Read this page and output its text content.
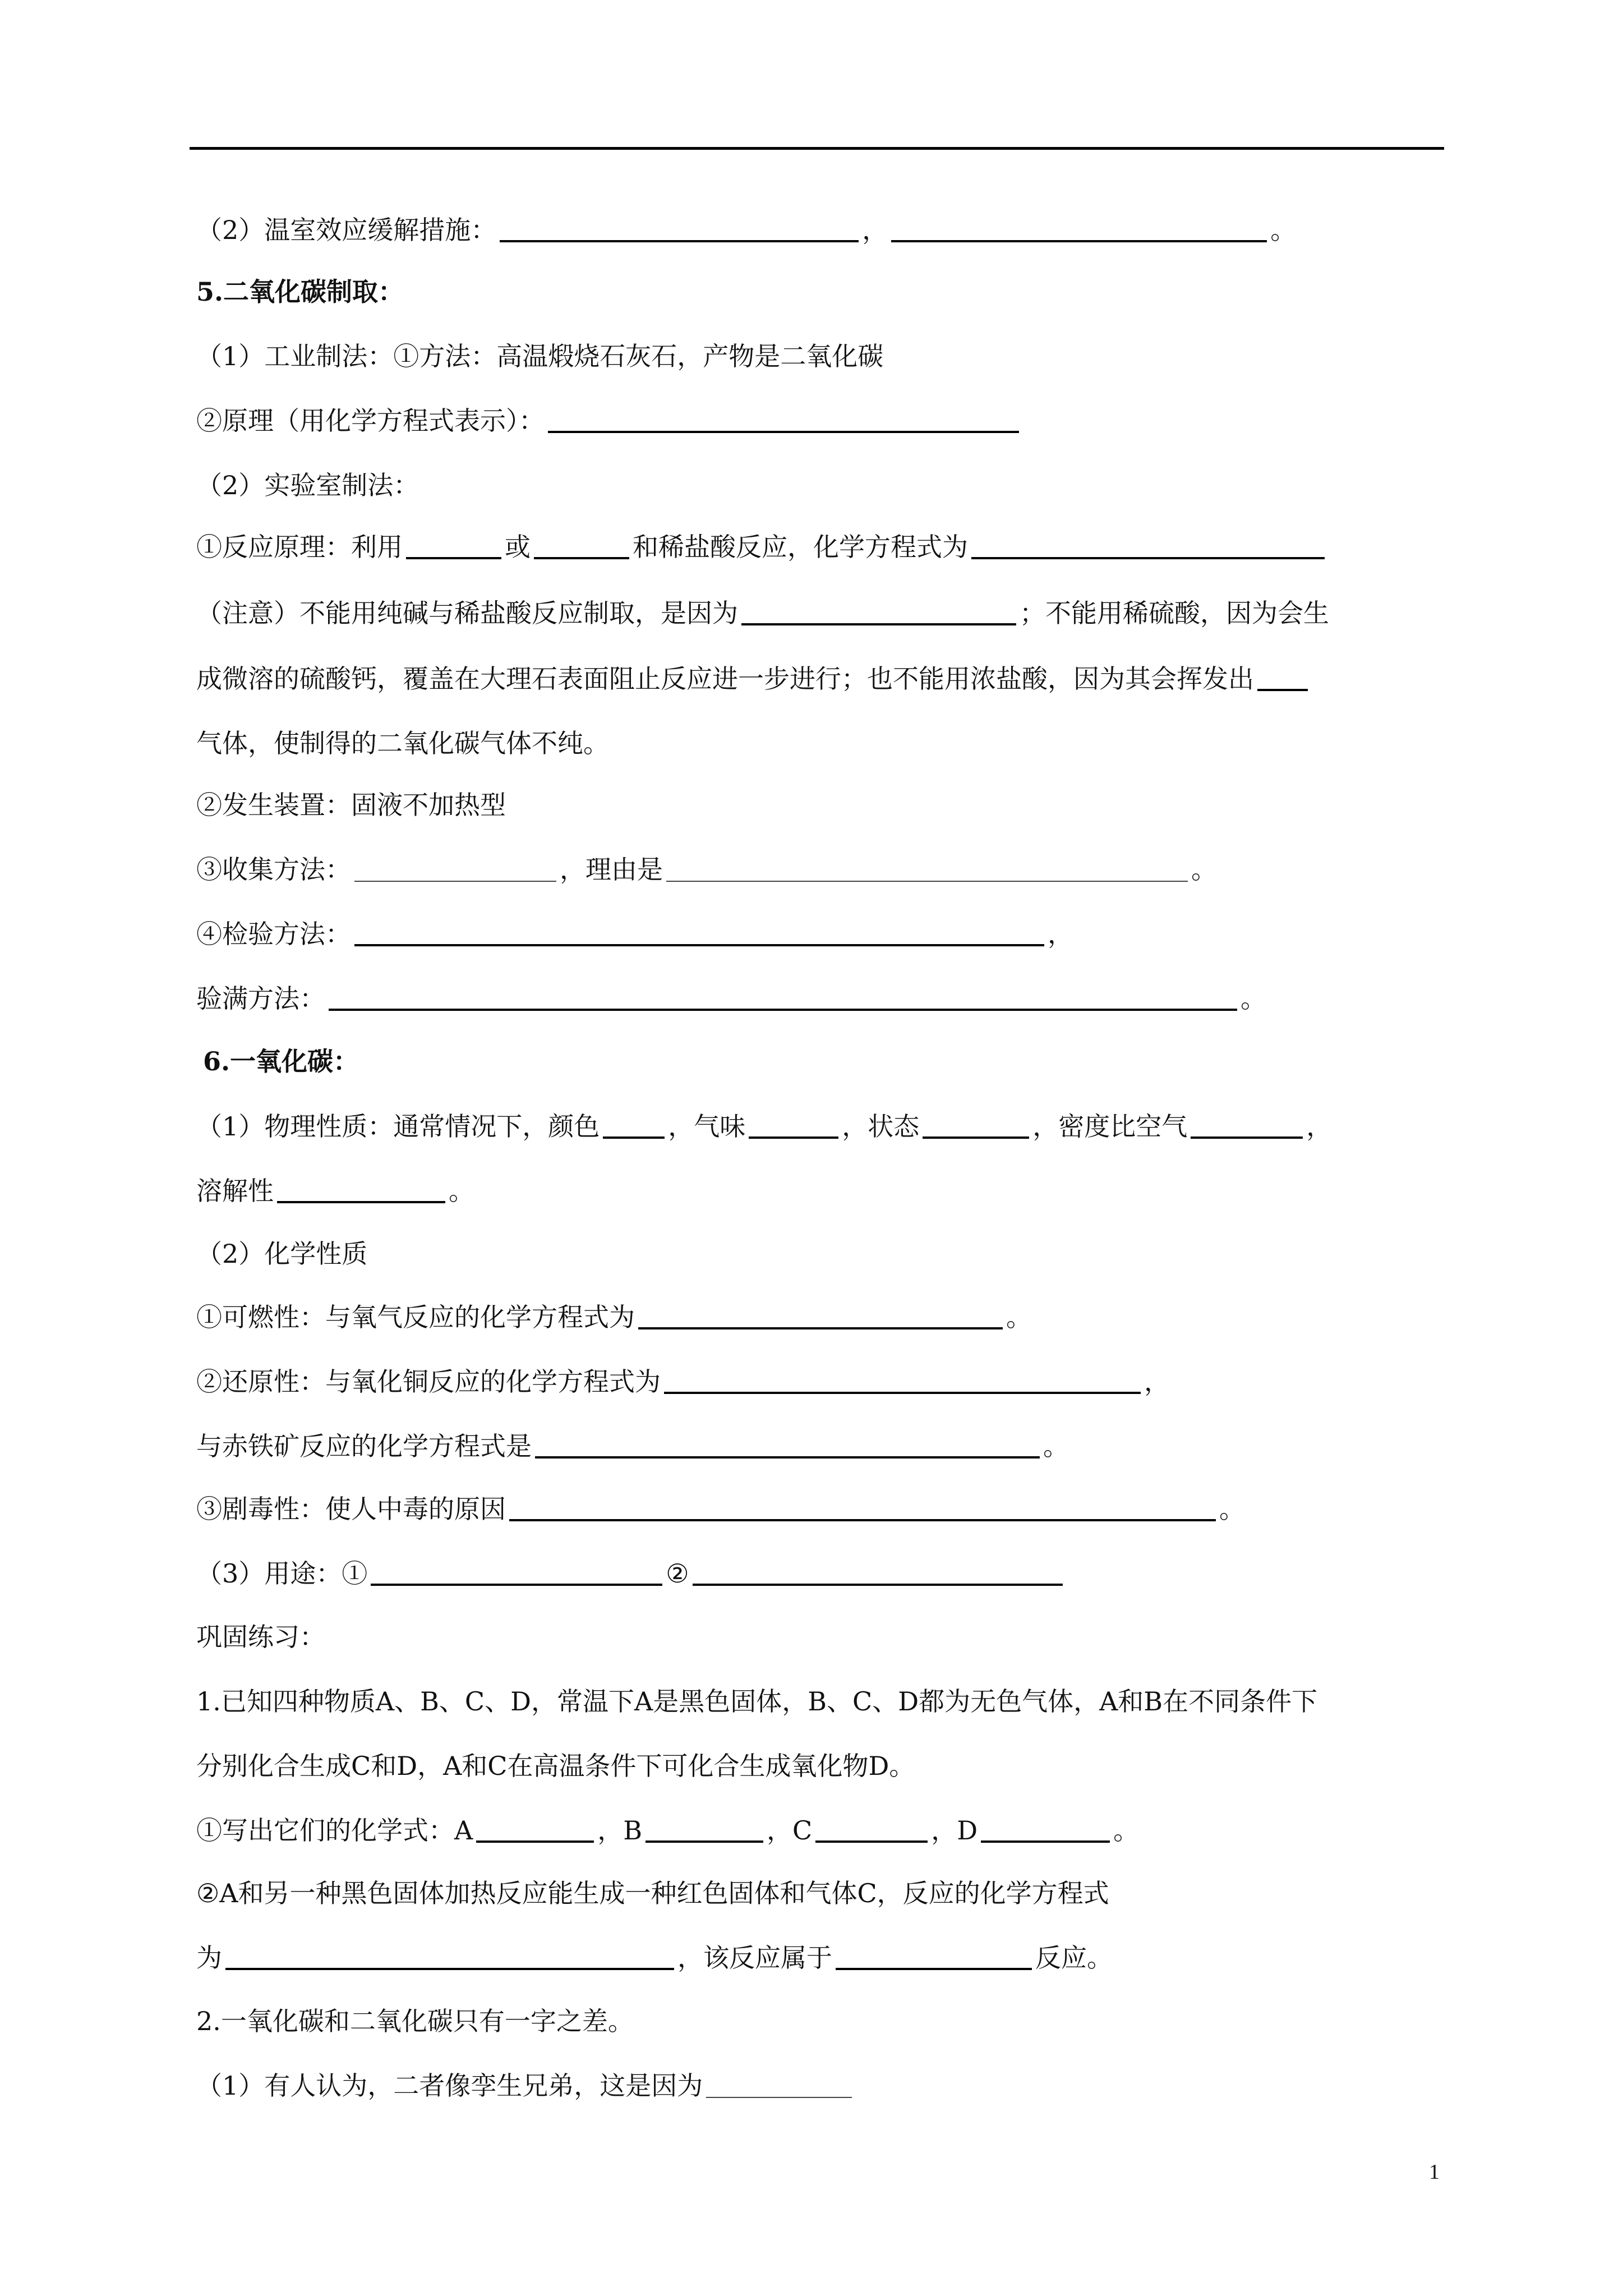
（2）温室效应缓解措施：	，	。
5.二氧化碳制取：
（1）工业制法：①方法：高温煅烧石灰石，产物是二氧化碳
②原理（用化学方程式表示）：
（2）实验室制法：
①反应原理：利用	或	和稀盐酸反应，化学方程式为
（注意）不能用纯碱与稀盐酸反应制取，是因为	；不能用稀硫酸，因为会生
成微溶的硫酸钙，覆盖在大理石表面阻止反应进一步进行；也不能用浓盐酸，因为其会挥发出
气体，使制得的二氧化碳气体不纯。
②发生装置：固液不加热型
③收集方法：	，理由是	。
④检验方法：	，
验满方法：	。
6.一氧化碳：
（1）物理性质：通常情况下，颜色	，气味	，状态	，密度比空气	，
溶解性	。
（2）化学性质
①可燃性：与氧气反应的化学方程式为	。
②还原性：与氧化铜反应的化学方程式为	，
与赤铁矿反应的化学方程式是	。
③剧毒性：使人中毒的原因	。
（3）用途：①	②
巩固练习：
1.已知四种物质A、B、C、D，常温下A是黑色固体，B、C、D都为无色气体，A和B在不同条件下
分别化合生成C和D，A和C在高温条件下可化合生成氧化物D。
①写出它们的化学式：A	，B	，C	，D	。
②A和另一种黑色固体加热反应能生成一种红色固体和气体C，反应的化学方程式
为	，该反应属于	反应。
2.一氧化碳和二氧化碳只有一字之差。
（1）有人认为，二者像孪生兄弟，这是因为
1
